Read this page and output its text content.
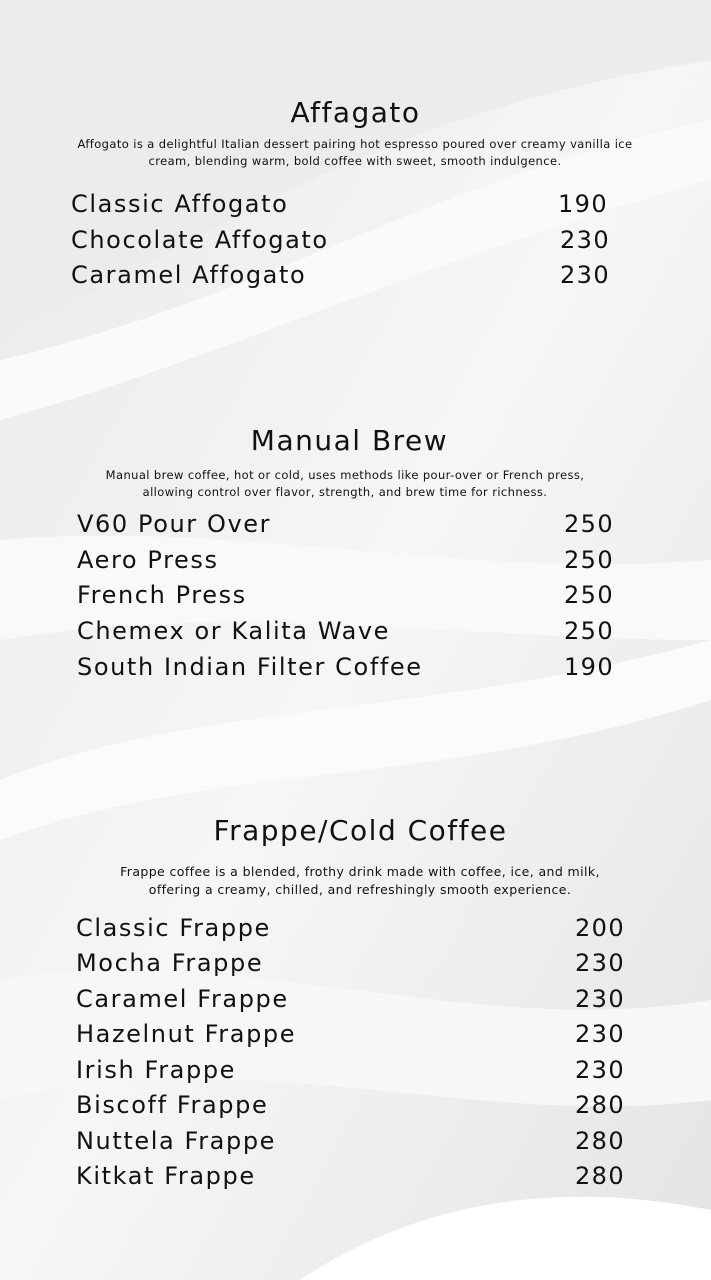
Affagato

Affogato is a delightful Italian dessert pairing hot espresso poured over creamy vanilla ice cream, blending warm, bold coffee with sweet, smooth indulgence.

Classic Affogato	190
Chocolate Affogato	230
Caramel Affogato	230
Manual Brew

Manual brew coffee, hot or cold, uses methods like pour-over or French press, allowing control over flavor, strength, and brew time for richness.

V60 Pour Over	250
Aero Press	250
French Press	250
Chemex or Kalita Wave	250
South Indian Filter Coffee	190
Frappe/Cold Coffee

Frappe coffee is a blended, frothy drink made with coffee, ice, and milk, offering a creamy, chilled, and refreshingly smooth experience.

Classic Frappe	200
Mocha Frappe	230
Caramel Frappe	230
Hazelnut Frappe	230
Irish Frappe	230
Biscoff Frappe	280
Nuttela Frappe	280
Kitkat Frappe	280
